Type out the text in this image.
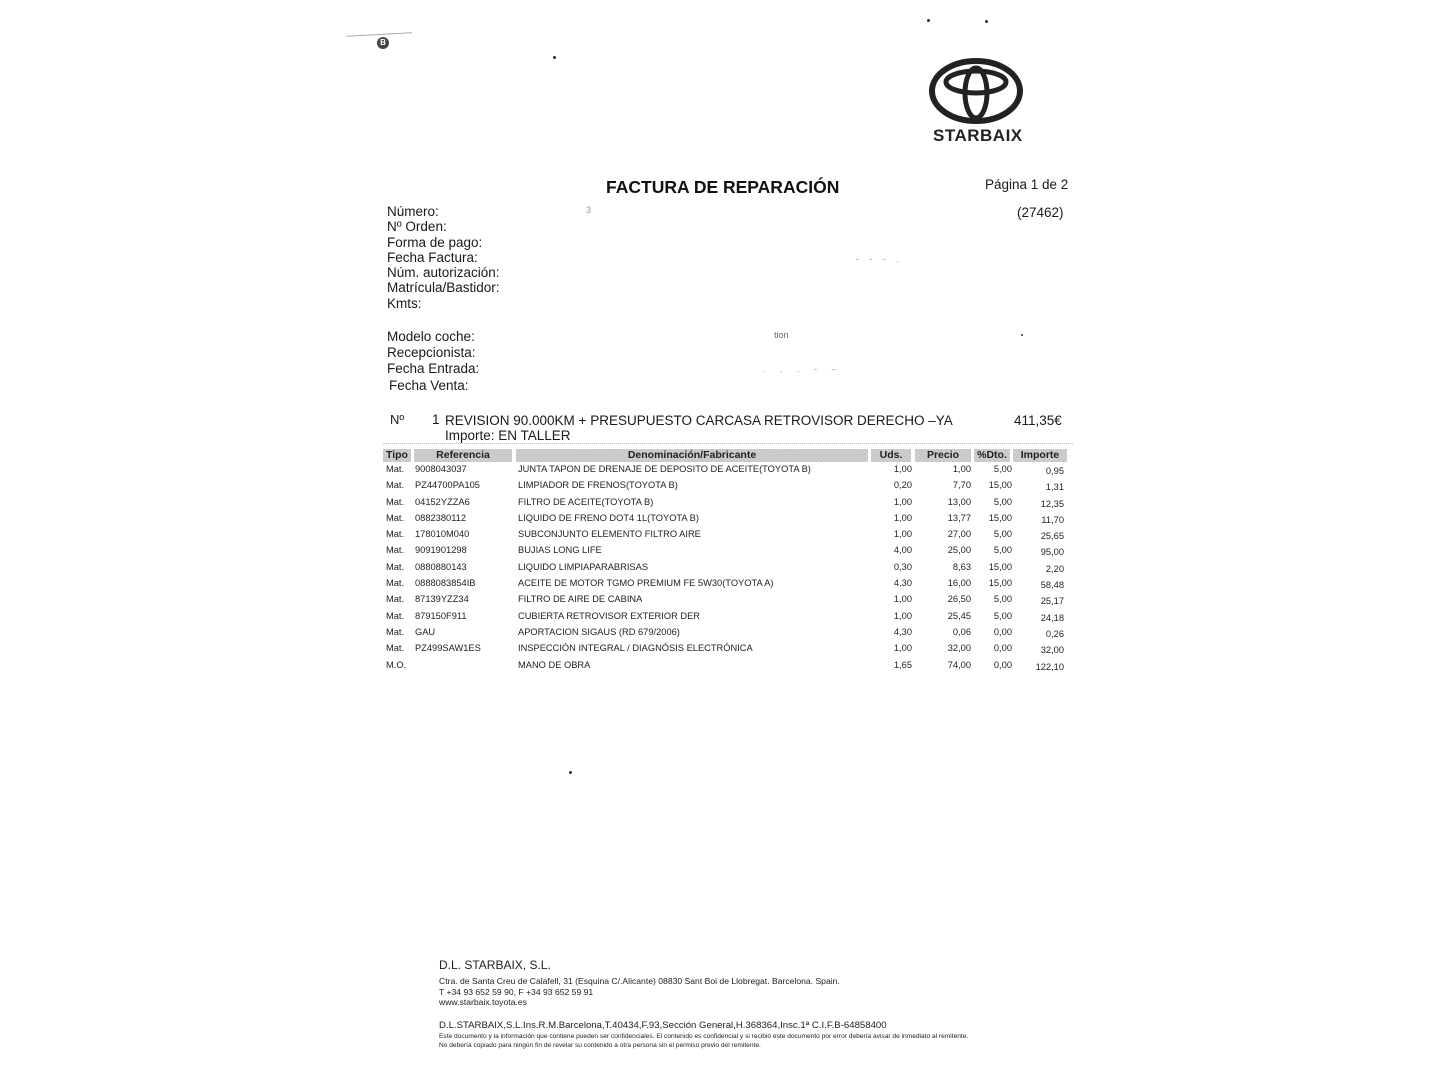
B
STARBAIX
FACTURA DE REPARACIÓN	Página 1 de 2
(27462)
Número:
Nº Orden:
Forma de pago:
Fecha Factura:
Núm. autorización:
Matrícula/Bastidor:
Kmts:
3
- - - .
Modelo coche:
Recepcionista:
Fecha Entrada:
Fecha Venta:
tion
. . . - –
Nº 1 REVISION 90.000KM + PRESUPUESTO CARCASA RETROVISOR DERECHO –YA Importe: EN TALLER
411,35€
Tipo	Referencia	Denominación/Fabricante	Uds.	Precio	%Dto.	Importe
Mat. 9008043037	JUNTA TAPON DE DRENAJE DE DEPOSITO DE ACEITE(TOYOTA B)	1,00	1,00 5,00	0,95
Mat. PZ44700PA105	LIMPIADOR DE FRENOS(TOYOTA B)	0,20	7,70 15,00	1,31
Mat. 04152YZZA6	FILTRO DE ACEITE(TOYOTA B)	1,00	13,00 5,00	12,35
Mat. 0882380112	LIQUIDO DE FRENO DOT4 1L(TOYOTA B)	1,00	13,77 15,00	11,70
Mat. 178010M040	SUBCONJUNTO ELEMENTO FILTRO AIRE	1,00	27,00 5,00	25,65
Mat. 9091901298	BUJIAS LONG LIFE	4,00	25,00 5,00	95,00
Mat. 0880880143	LIQUIDO LIMPIAPARABRISAS	0,30	8,63 15,00	2,20
Mat. 0888083854IB	ACEITE DE MOTOR TGMO PREMIUM FE 5W30(TOYOTA A)	4,30	16,00 15,00	58,48
Mat. 87139YZZ34	FILTRO DE AIRE DE CABINA	1,00	26,50 5,00	25,17
Mat. 879150F911	CUBIERTA RETROVISOR EXTERIOR DER	1,00	25,45 5,00	24,18
Mat. GAU	APORTACION SIGAUS (RD 679/2006)	4,30	0,06 0,00	0,26
Mat. PZ499SAW1ES	INSPECCIÓN INTEGRAL / DIAGNÓSIS ELECTRÓNICA	1,00	32,00 0,00	32,00
M.O.	MANO DE OBRA	1,65	74,00 0,00	122,10
D.L. STARBAIX, S.L.
Ctra. de Santa Creu de Calafell, 31 (Esquina C/.Alicante) 08830 Sant Boi de Llobregat. Barcelona. Spain.
T +34 93 652 59 90, F +34 93 652 59 91
www.starbaix.toyota.es
D.L.STARBAIX,S.L.Ins.R.M.Barcelona,T.40434,F.93,Sección General,H.368364,Insc.1ª C.I.F.B-64858400
Este documento y la información que contiene pueden ser confidenciales. El contenido es confidencial y si recibió este documento por error debería avisar de inmediato al remitente.
No debería copiado para ningún fin de revelar su contenido a otra persona sin el permiso previo del remitente.
